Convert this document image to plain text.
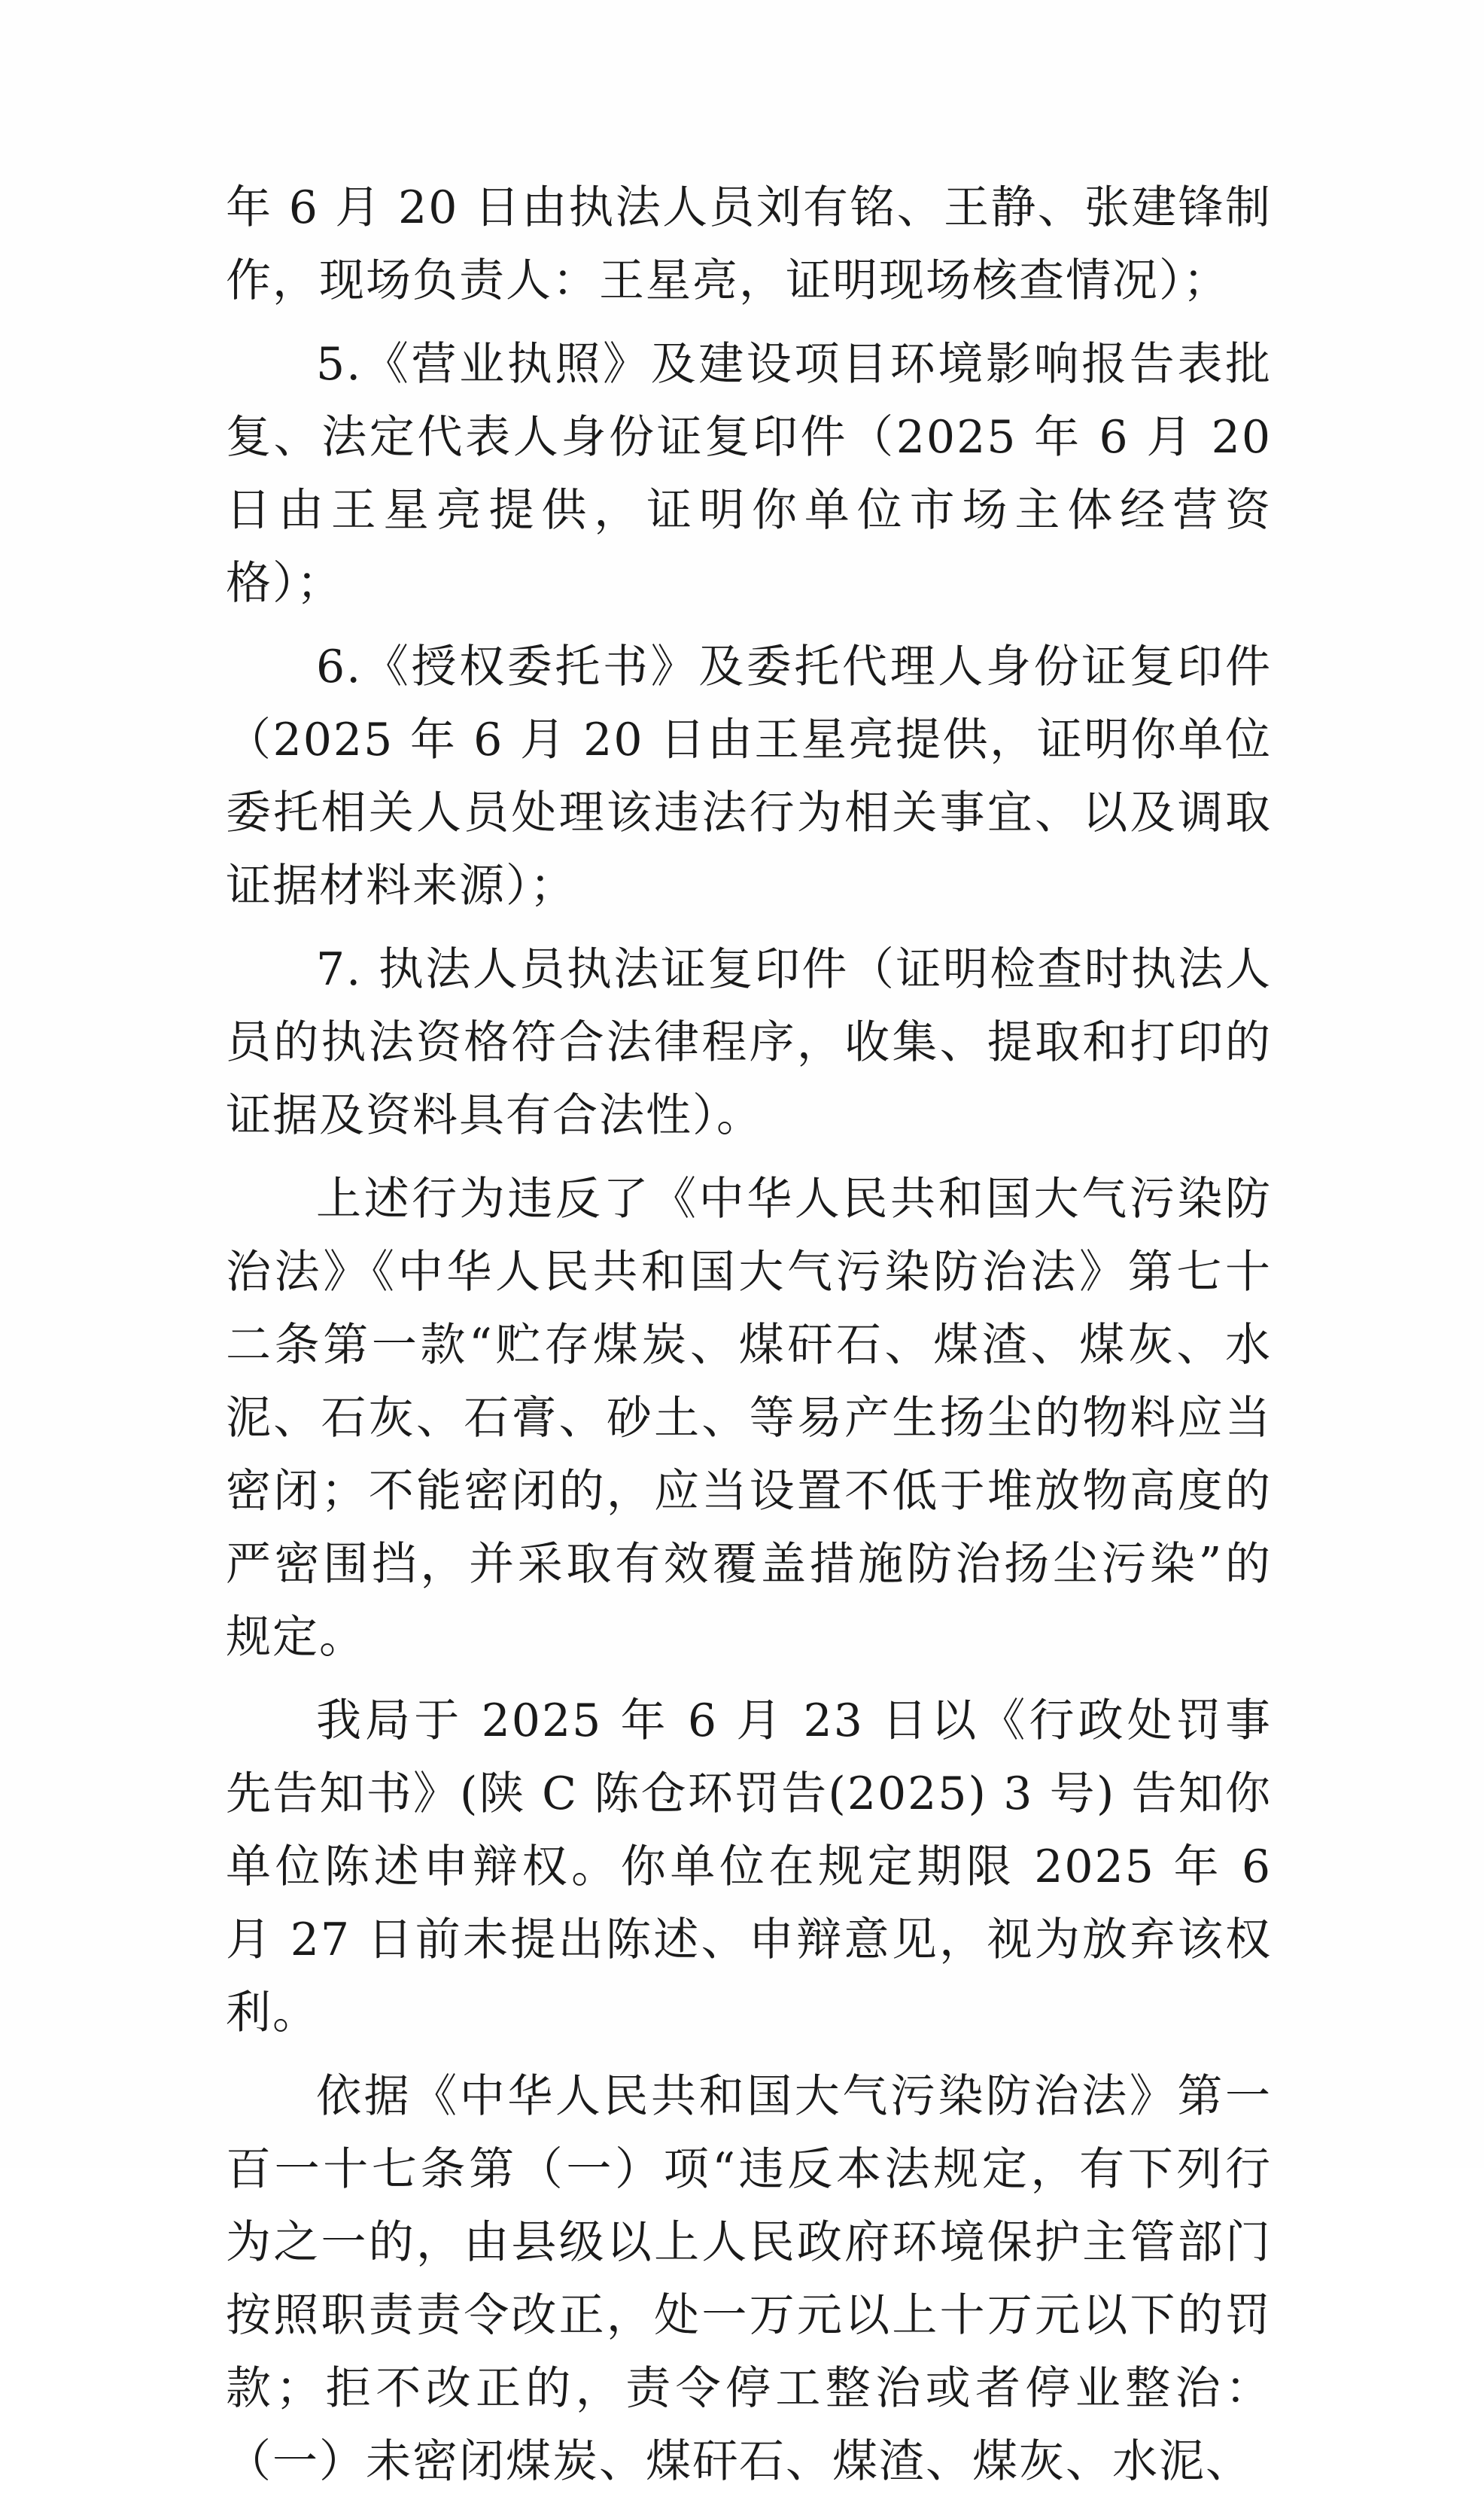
年 6 月 20 日由执法人员刘有铭、王静、张建锋制作，现场负责人：王星亮，证明现场核查情况）；

5.《营业执照》及建设项目环境影响报告表批复、法定代表人身份证复印件（2025 年 6 月 20 日由王星亮提供，证明你单位市场主体经营资格）；

6.《授权委托书》及委托代理人身份证复印件（2025 年 6 月 20 日由王星亮提供，证明你单位委托相关人员处理该违法行为相关事宜、以及调取证据材料来源）；

7. 执法人员执法证复印件（证明检查时执法人员的执法资格符合法律程序，收集、提取和打印的证据及资料具有合法性）。

上述行为违反了《中华人民共和国大气污染防治法》《中华人民共和国大气污染防治法》第七十二条第一款“贮存煤炭、煤矸石、煤渣、煤灰、水泥、石灰、石膏、砂土、等易产生扬尘的物料应当密闭；不能密闭的，应当设置不低于堆放物高度的严密围挡，并采取有效覆盖措施防治扬尘污染”的规定。

我局于 2025 年 6 月 23 日以《行政处罚事先告知书》(陕 C 陈仓环罚告(2025) 3 号) 告知你单位陈述申辩权。你单位在规定期限 2025 年 6 月 27 日前未提出陈述、申辩意见，视为放弃该权利。

依据《中华人民共和国大气污染防治法》第一百一十七条第（一）项“违反本法规定，有下列行为之一的，由县级以上人民政府环境保护主管部门按照职责责令改正，处一万元以上十万元以下的罚款；拒不改正的，责令停工整治或者停业整治：（一）未密闭煤炭、煤矸石、煤渣、煤灰、水泥、
